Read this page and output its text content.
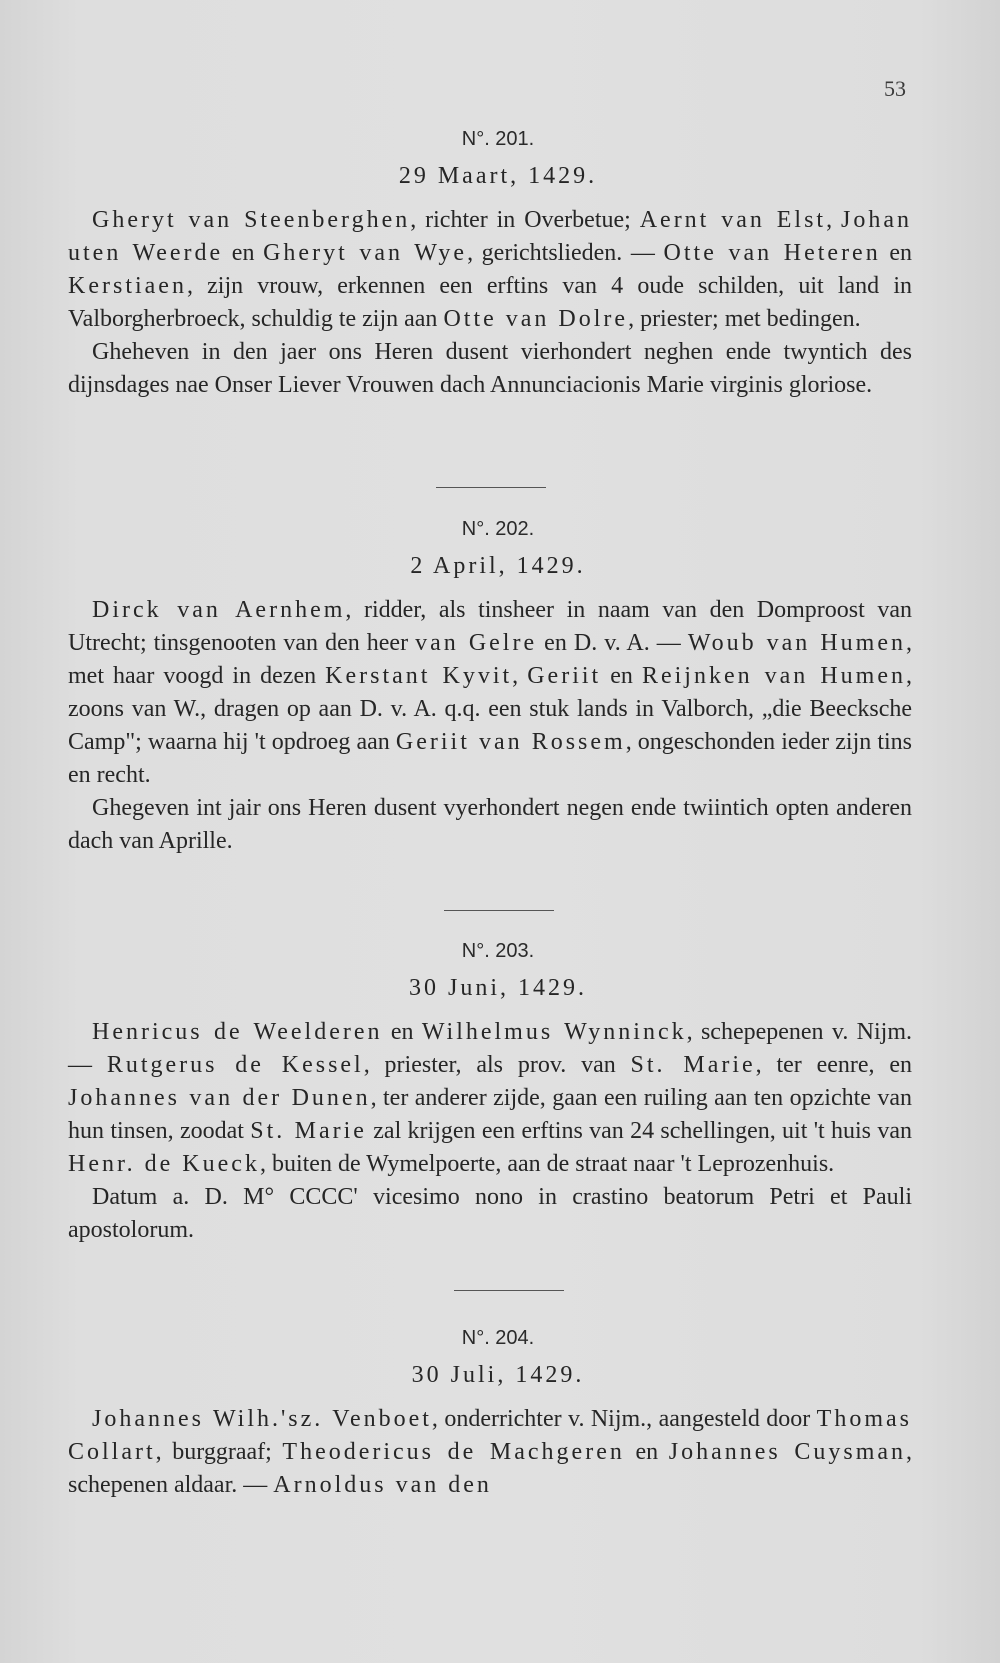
53
N°. 201.
29 Maart, 1429.

Gheryt van Steenberghen, richter in Overbetue; Aernt van Elst, Johan uten Weerde en Gheryt van Wye, gerichtslieden. — Otte van Heteren en Kerstiaen, zijn vrouw, erkennen een erftins van 4 oude schilden, uit land in Valborgherbroeck, schuldig te zijn aan Otte van Dolre, priester; met bedingen.

Gheheven in den jaer ons Heren dusent vierhondert neghen ende twyntich des dijnsdages nae Onser Liever Vrouwen dach Annunciacionis Marie virginis gloriose.

N°. 202.
2 April, 1429.

Dirck van Aernhem, ridder, als tinsheer in naam van den Domproost van Utrecht; tinsgenooten van den heer van Gelre en D. v. A. — Woub van Humen, met haar voogd in dezen Kerstant Kyvit, Geriit en Reijnken van Humen, zoons van W., dragen op aan D. v. A. q.q. een stuk lands in Valborch, „die Beeckschе Camp"; waarna hij 't opdroeg aan Geriit van Rossem, ongeschonden ieder zijn tins en recht.

Ghegeven int jair ons Heren dusent vyerhondert negen ende twiintich opten anderen dach van Aprille.

N°. 203.
30 Juni, 1429.

Henricus de Weelderen en Wilhelmus Wynninck, schepepenen v. Nijm. — Rutgerus de Kessel, priester, als prov. van St. Marie, ter eenre, en Johannes van der Dunen, ter anderer zijde, gaan een ruiling aan ten opzichte van hun tinsen, zoodat St. Marie zal krijgen een erftins van 24 schellingen, uit 't huis van Henr. de Kueck, buiten de Wymelpoerte, aan de straat naar 't Leprozenhuis.

Datum a. D. M° CCCC' vicesimo nono in crastino beatorum Petri et Pauli apostolorum.

N°. 204.
30 Juli, 1429.

Johannes Wilh.'sz. Venboet, onderrichter v. Nijm., aangesteld door Thomas Collart, burggraaf; Theodericus de Machgeren en Johannes Cuysman, schepenen aldaar. — Arnoldus van den
